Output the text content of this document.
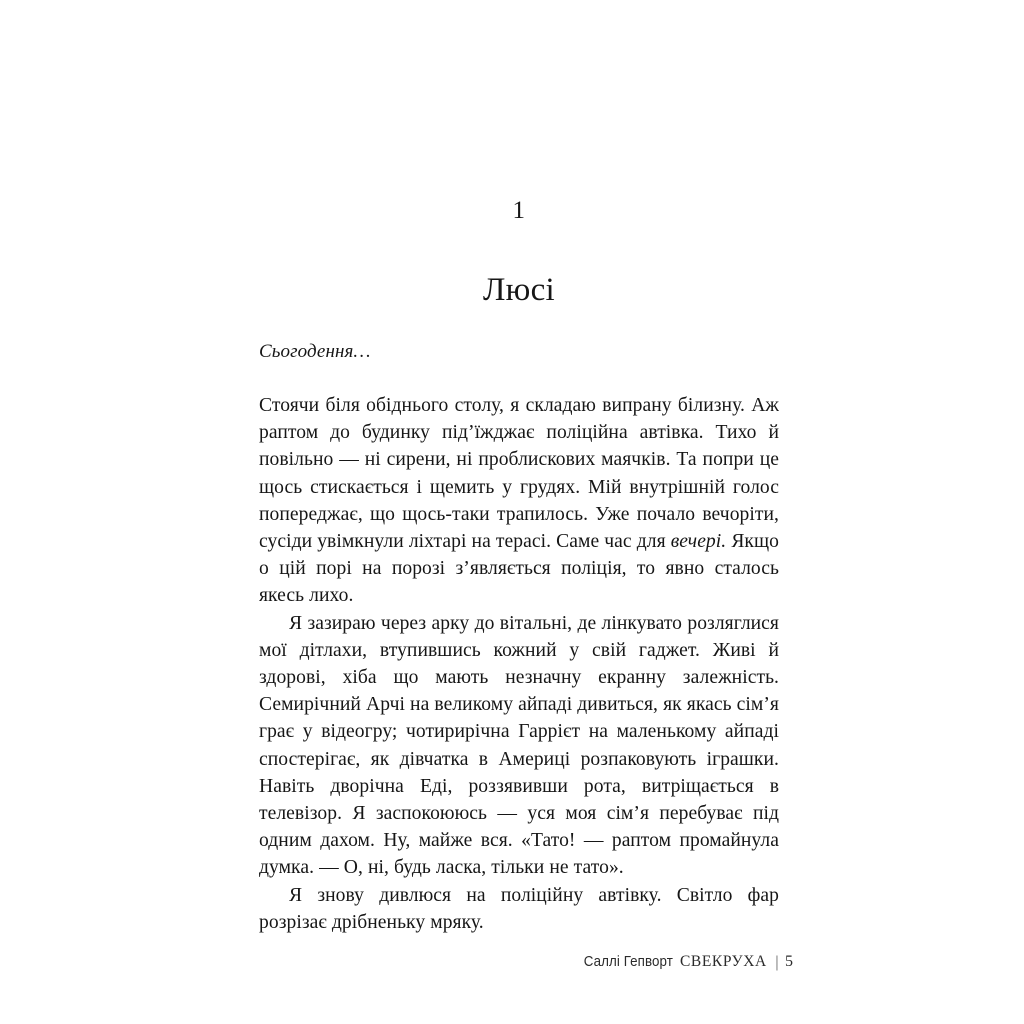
1
Люсі

Сьогодення…

Стоячи біля обіднього столу, я складаю випрану білизну. Аж раптом до будинку під’їжджає поліційна автівка. Тихо й повільно — ні сирени, ні проблискових маячків. Та попри це щось стискається і щемить у грудях. Мій внутрішній голос попереджає, що щось-таки трапилось. Уже почало вечоріти, сусіди увімкнули ліхтарі на терасі. Саме час для вечері. Якщо о цій порі на порозі з’являється поліція, то явно сталось якесь лихо.

Я зазираю через арку до вітальні, де лінкувато розляглися мої дітлахи, втупившись кожний у свій гаджет. Живі й здорові, хіба що мають незначну екранну залежність. Семирічний Арчі на великому айпаді дивиться, як якась сім’я грає у відеогру; чотирирічна Гаррієт на маленькому айпаді спостерігає, як дівчатка в Америці розпаковують іграшки. Навіть дворічна Еді, роззявивши рота, витріщається в телевізор. Я заспокоююсь — уся моя сім’я перебуває під одним дахом. Ну, майже вся. «Тато! — раптом промайнула думка. — О, ні, будь ласка, тільки не тато».

Я знову дивлюся на поліційну автівку. Світло фар розрізає дрібненьку мряку.

Саллі Гепворт СВЕКРУХА | 5
